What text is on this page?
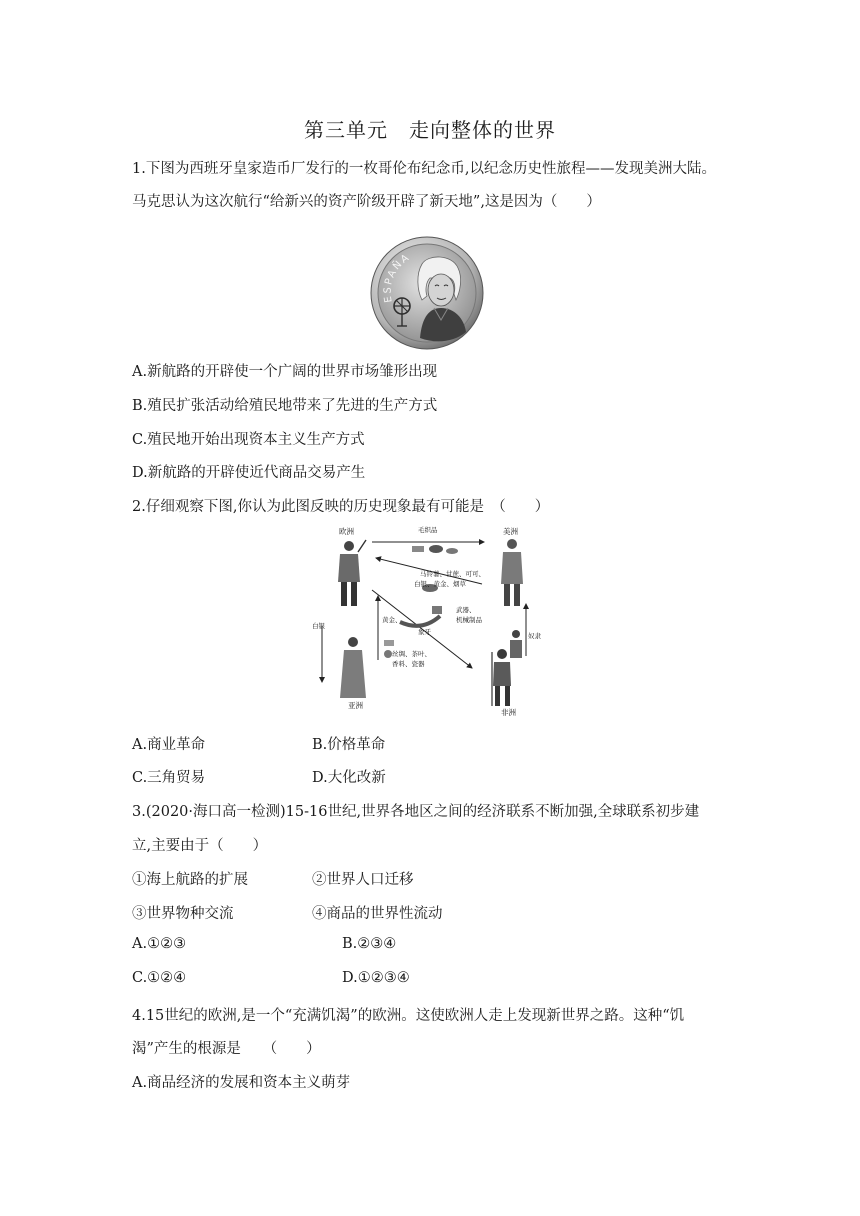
第三单元　走向整体的世界
1.下图为西班牙皇家造币厂发行的一枚哥伦布纪念币,以纪念历史性旅程——发现美洲大陆。
马克思认为这次航行“给新兴的资产阶级开辟了新天地”,这是因为（　　）
ESPAÑA
A.新航路的开辟使一个广阔的世界市场雏形出现
B.殖民扩张活动给殖民地带来了先进的生产方式
C.殖民地开始出现资本主义生产方式
D.新航路的开辟使近代商品交易产生
2.仔细观察下图,你认为此图反映的历史现象最有可能是　（　　）
欧洲	美洲
亚洲
非洲
毛织品
马铃薯、甘蔗、可可、
白银、黄金、烟草
白银
黄金、
象牙
武器、
机械制品
丝绸、茶叶、
香料、瓷器
奴隶
A.商业革命	B.价格革命
C.三角贸易	D.大化改新
3.(2020·海口高一检测)15-16世纪,世界各地区之间的经济联系不断加强,全球联系初步建
立,主要由于（　　）
①海上航路的扩展	②世界人口迁移
③世界物种交流	④商品的世界性流动
A.①②③	B.②③④
C.①②④	D.①②③④
4.15世纪的欧洲,是一个“充满饥渴”的欧洲。这使欧洲人走上发现新世界之路。这种“饥
渴”产生的根源是　　（　　）
A.商品经济的发展和资本主义萌芽
